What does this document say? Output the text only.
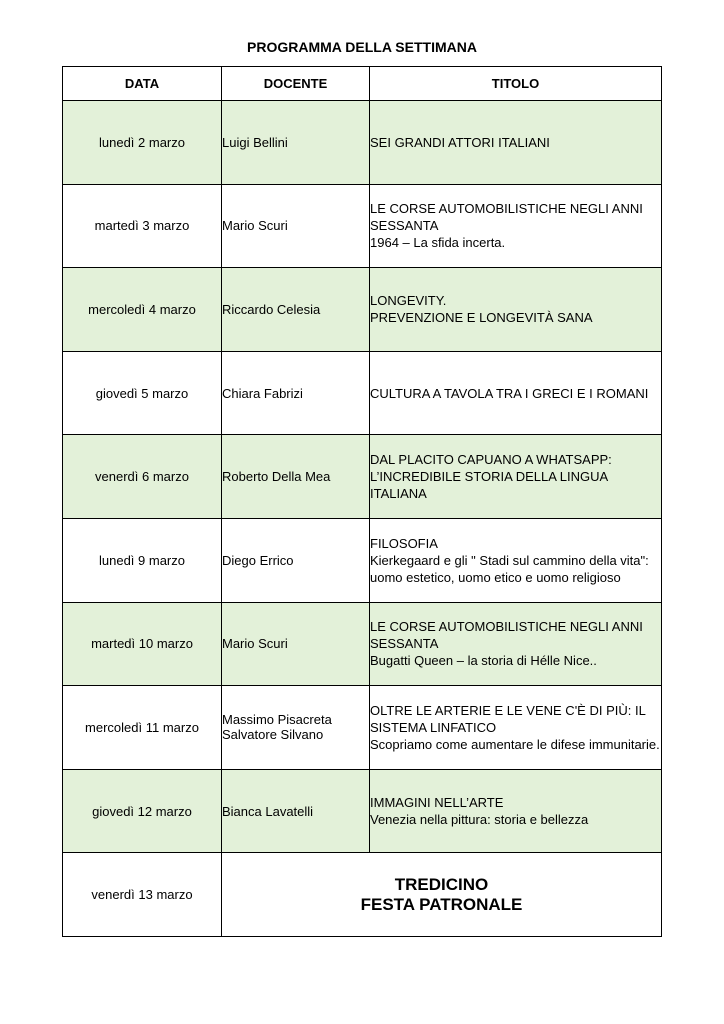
PROGRAMMA DELLA SETTIMANA
DATA	DOCENTE	TITOLO
lunedì 2 marzo	Luigi Bellini	SEI GRANDI ATTORI ITALIANI

martedì 3 marzo	Mario Scuri	LE CORSE AUTOMOBILISTICHE NEGLI ANNI SESSANTA
1964 – La sfida incerta.

mercoledì 4 marzo	Riccardo Celesia	LONGEVITY.
PREVENZIONE E LONGEVITÀ SANA

giovedì 5 marzo	Chiara Fabrizi	CULTURA A TAVOLA TRA I GRECI E I ROMANI

venerdì 6 marzo	Roberto Della Mea	DAL PLACITO CAPUANO A WHATSAPP: L’INCREDIBILE STORIA DELLA LINGUA ITALIANA

lunedì 9 marzo	Diego Errico	FILOSOFIA
Kierkegaard e gli " Stadi sul cammino della vita": uomo estetico, uomo etico e uomo religioso

martedì 10 marzo	Mario Scuri	LE CORSE AUTOMOBILISTICHE NEGLI ANNI SESSANTA
Bugatti Queen – la storia di Hélle Nice..

mercoledì 11 marzo	Massimo Pisacreta
Salvatore Silvano	OLTRE LE ARTERIE E LE VENE C'È DI PIÙ: IL SISTEMA LINFATICO
Scopriamo come aumentare le difese immunitarie.

giovedì 12 marzo	Bianca Lavatelli	IMMAGINI NELL’ARTE
Venezia nella pittura: storia e bellezza

venerdì 13 marzo	TREDICINO
FESTA PATRONALE	
